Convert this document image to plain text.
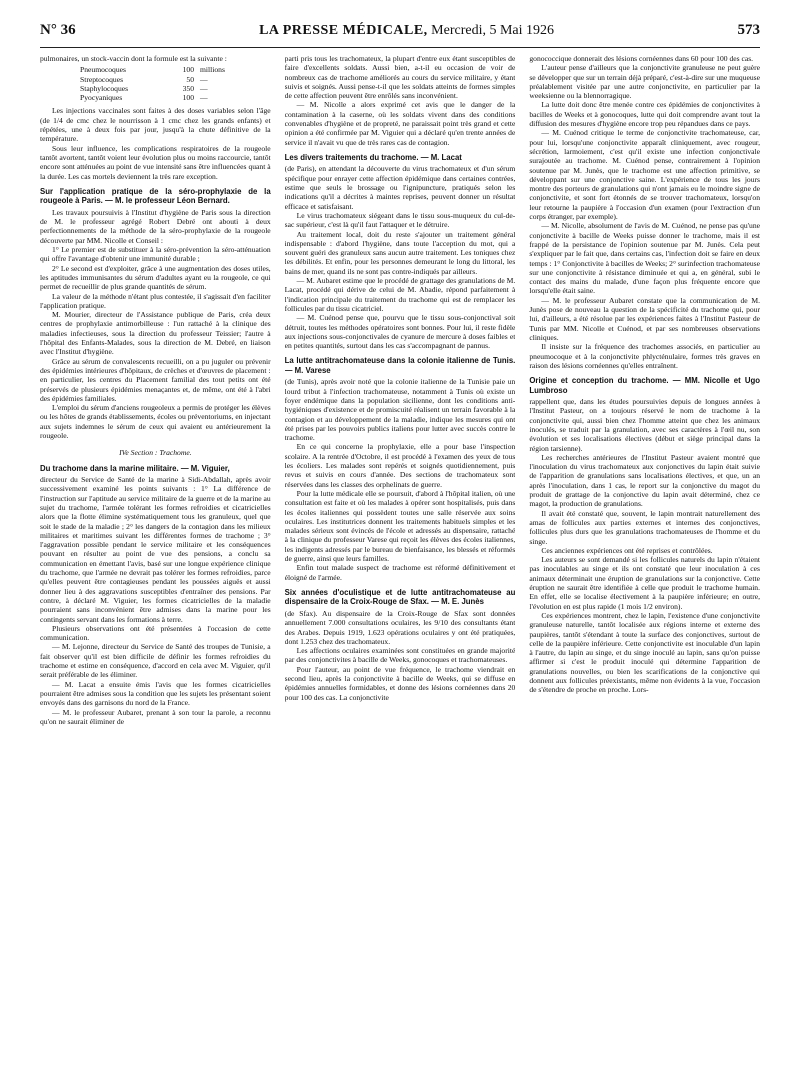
N° 36	LA PRESSE MÉDICALE, Mercredi, 5 Mai 1926	573

pulmonaires, un stock-vaccin dont la formule est la suivante :

Pneumocoques	100 millions
Streptocoques	50 —
Staphylocoques	350 —
Pyocyaniques	100 —

Les injections vaccinales sont faites à des doses variables selon l'âge (de 1/4 de cmc chez le nourrisson à 1 cmc chez les grands enfants) et répétées, une à deux fois par jour, jusqu'à la chute définitive de la température.

Sous leur influence, les complications respiratoires de la rougeole tantôt avortent, tantôt voient leur évolution plus ou moins raccourcie, tantôt encore sont atténuées au point de vue intensité sans être influencées quant à la durée. Les cas mortels deviennent la très rare exception.

Sur l'application pratique de la séro-prophylaxie de la rougeole à Paris. — M. le professeur Léon Bernard.

Les travaux poursuivis à l'Institut d'hygiène de Paris sous la direction de M. le professeur agrégé Robert Debré ont abouti à deux perfectionnements de la méthode de la séro-prophylaxie de la rougeole découverte par MM. Nicolle et Conseil :

1° Le premier est de substituer à la séro-prévention la séro-atténuation qui offre l'avantage d'obtenir une immunité durable ;

2° Le second est d'exploiter, grâce à une augmentation des doses utiles, les aptitudes immunisantes du sérum d'adultes ayant eu la rougeole, ce qui permet de recueillir de plus grande quantités de sérum.

La valeur de la méthode n'étant plus contestée, il s'agissait d'en faciliter l'application pratique.

M. Mourier, directeur de l'Assistance publique de Paris, créa deux centres de prophylaxie antimorbilleuse : l'un rattaché à la clinique des maladies infectieuses, sous la direction du professeur Teissier; l'autre à l'hôpital des Enfants-Malades, sous la direction de M. Debré, en liaison avec l'Institut d'hygiène.

Grâce au sérum de convalescents recueilli, on a pu juguler ou prévenir des épidémies intérieures d'hôpitaux, de crèches et d'œuvres de placement : en particulier, les centres du Placement familial des tout petits ont été préservés de plusieurs épidémies menaçantes et, de même, ont été à l'abri des épidémies familiales.

L'emploi du sérum d'anciens rougeoleux a permis de protéger les élèves ou les hôtes de grands établissements, écoles ou préventoriums, en injectant aux sujets indemnes le sérum de ceux qui avaient eu antérieurement la rougeole.

IVe Section : Trachome.
Du trachome dans la marine militaire. — M. Viguier,

directeur du Service de Santé de la marine à Sidi-Abdallah, après avoir successivement examiné les points suivants : 1° La différence de l'instruction sur l'aptitude au service militaire de la guerre et de la marine au sujet du trachome, l'armée tolérant les formes refroidies et cicatricielles alors que la flotte élimine systématiquement tous les granuleux, quel que soit le stade de la maladie ; 2° les dangers de la contagion dans les milieux militaires et maritimes suivant les différentes formes de trachome ; 3° l'aggravation possible pendant le service militaire et les conséquences pouvant en résulter au point de vue des pensions, a conclu sa communication en émettant l'avis, basé sur une longue expérience clinique du trachome, que l'armée ne devrait pas tolérer les formes refroidies, parce qu'elles peuvent être contagieuses pendant les poussées aiguës et aussi donner lieu à des aggravations susceptibles d'entraîner des pensions. Par contre, à déclaré M. Viguier, les formes cicatricielles de la maladie pourraient sans inconvénient être admises dans la marine pour les contingents servant dans les formations à terre.

Plusieurs observations ont été présentées à l'occasion de cette communication.

— M. Lejonne, directeur du Service de Santé des troupes de Tunisie, a fait observer qu'il est bien difficile de définir les formes refroidies du trachome et estime en conséquence, d'accord en cela avec M. Viguier, qu'il serait préférable de les éliminer.

— M. Lacat a ensuite émis l'avis que les formes cicatricielles pourraient être admises sous la condition que les sujets les présentant soient envoyés dans des garnisons du nord de la France.

— M. le professeur Aubaret, prenant à son tour la parole, a reconnu qu'on ne saurait éliminer de

parti pris tous les trachomateux, la plupart d'entre eux étant susceptibles de faire d'excellents soldats. Aussi bien, a-t-il eu occasion de voir de nombreux cas de trachome améliorés au cours du service militaire, y étant suivis et soignés. Aussi pense-t-il que les soldats atteints de formes simples de cette affection peuvent être enrôlés sans inconvénient.

— M. Nicolle a alors exprimé cet avis que le danger de la contamination à la caserne, où les soldats vivent dans des conditions convenables d'hygiène et de propreté, ne paraissait point très grand et cette opinion a été confirmée par M. Viguier qui a déclaré qu'en trente années de service il n'avait vu que de très rares cas de contagion.

Les divers traitements du trachome. — M. Lacat

(de Paris), en attendant la découverte du virus trachomateux et d'un sérum spécifique pour enrayer cette affection épidémique dans certaines contrées, estime que seuls le brossage ou l'ignipuncture, pratiqués selon les indications qu'il a décrites à maintes reprises, peuvent donner un résultat efficace et satisfaisant.

Le virus trachomateux siégeant dans le tissu sous-muqueux du cul-de-sac supérieur, c'est là qu'il faut l'attaquer et le détruire.

Au traitement local, doit du reste s'ajouter un traitement général indispensable : d'abord l'hygiène, dans toute l'acception du mot, qui a souvent guéri des granuleux sans aucun autre traitement. Les toniques chez les débilités. Et enfin, pour les personnes demeurant le long du littoral, les bains de mer, quand ils ne sont pas contre-indiqués par ailleurs.

— M. Aubaret estime que le procédé de grattage des granulations de M. Lacat, procédé qui dérive de celui de M. Abadie, répond parfaitement à l'indication principale du traitement du trachome qui est de remplacer les follicules par du tissu cicatriciel.

— M. Cuénod pense que, pourvu que le tissu sous-conjonctival soit détruit, toutes les méthodes opératoires sont bonnes. Pour lui, il reste fidèle aux injections sous-conjonctivales de cyanure de mercure à doses faibles et en petites quantités, surtout dans les cas s'accompagnant de pannus.

La lutte antitrachomateuse dans la colonie italienne de Tunis. — M. Varese

(de Tunis), après avoir noté que la colonie italienne de la Tunisie paie un lourd tribut à l'infection trachomateuse, notamment à Tunis où existe un foyer endémique dans la population sicilienne, dont les conditions anti-hygiéniques d'existence et de promiscuité réalisent un terrain favorable à la contagion et au développement de la maladie, indique les mesures qui ont été prises par les pouvoirs publics italiens pour lutter avec succès contre le trachome.

En ce qui concerne la prophylaxie, elle a pour base l'inspection scolaire. A la rentrée d'Octobre, il est procédé à l'examen des yeux de tous les écoliers. Les malades sont repérés et soignés quotidiennement, puis revus et suivis en cours d'année. Des sections de trachomateux sont réservées dans les classes des orphelinats de guerre.

Pour la lutte médicale elle se poursuit, d'abord à l'hôpital italien, où une consultation est faite et où les malades à opérer sont hospitalisés, puis dans les écoles italiennes qui possèdent toutes une salle réservée aux soins oculaires. Les institutrices donnent les traitements habituels simples et les malades sérieux sont évincés de l'école et adressés au dispensaire, rattaché à la clinique du professeur Varese qui reçoit les élèves des écoles italiennes, les indigents adressés par le bureau de bienfaisance, les blessés et réformés de guerre, ainsi que leurs familles.

Enfin tout malade suspect de trachome est réformé définitivement et éloigné de l'armée.

Six années d'oculistique et de lutte antitrachomateuse au dispensaire de la Croix-Rouge de Sfax. — M. E. Junès

(de Sfax). Au dispensaire de la Croix-Rouge de Sfax sont données annuellement 7.000 consultations oculaires, les 9/10 des consultants étant des Arabes. Depuis 1919, 1.623 opérations oculaires y ont été pratiquées, dont 1.253 chez des trachomateux.

Les affections oculaires examinées sont constituées en grande majorité par des conjonctivites à bacille de Weeks, gonocoques et trachomateuses.

Pour l'auteur, au point de vue fréquence, le trachome viendrait en second lieu, après la conjonctivite à bacille de Weeks, qui se diffuse en épidémies annuelles formidables, et donne des lésions cornéennes dans 20 pour 100 des cas. La conjonctivite

gonococcique donnerait des lésions cornéennes dans 60 pour 100 des cas.

L'auteur pense d'ailleurs que la conjonctivite granuleuse ne peut guère se développer que sur un terrain déjà préparé, c'est-à-dire sur une muqueuse préalablement visitée par une autre conjonctivite, en particulier par la weeksienne ou la blennorragique.

La lutte doit donc être menée contre ces épidémies de conjonctivites à bacilles de Weeks et à gonocoques, lutte qui doit comprendre avant tout la diffusion des mesures d'hygiène encore trop peu répandues dans ce pays.

— M. Cuénod critique le terme de conjonctivite trachomateuse, car, pour lui, lorsqu'une conjonctivite apparaît cliniquement, avec rougeur, sécrétion, larmoiement, c'est qu'il existe une infection conjonctivale surajoutée au trachome. M. Cuénod pense, contrairement à l'opinion soutenue par M. Junès, que le trachome est une affection primitive, se développant sur une conjonctive saine. L'expérience de tous les jours montre des porteurs de granulations qui n'ont jamais eu le moindre signe de conjonctivite, et sont fort étonnés de se trouver trachomateux, lorsqu'on leur retourne la paupière à l'occasion d'un examen (pour l'extraction d'un corps étranger, par exemple).

— M. Nicolle, absolument de l'avis de M. Cuénod, ne pense pas qu'une conjonctivite à bacille de Weeks puisse donner le trachome, mais il est frappé de la persistance de l'opinion soutenue par M. Junès. Cela peut s'expliquer par le fait que, dans certains cas, l'infection doit se faire en deux temps : 1° Conjonctivite à bacilles de Weeks; 2° surinfection trachomateuse sur une conjonctivite à résistance diminuée et qui a, en général, subi le contact des mains du malade, d'une façon plus fréquente encore que lorsqu'elle était saine.

— M. le professeur Aubaret constate que la communication de M. Junès pose de nouveau la question de la spécificité du trachome qui, pour lui, d'ailleurs, a été résolue par les expériences faites à l'Institut Pasteur de Tunis par MM. Nicolle et Cuénod, et par ses nombreuses observations cliniques.

Il insiste sur la fréquence des trachomes associés, en particulier au pneumocoque et à la conjonctivite phlycténulaire, formes très graves en raison des lésions cornéennes qu'elles entraînent.

Origine et conception du trachome. — MM. Nicolle et Ugo Lumbroso

rappellent que, dans les études poursuivies depuis de longues années à l'Institut Pasteur, on a toujours réservé le nom de trachome à la conjonctivite qui, aussi bien chez l'homme atteint que chez les animaux inoculés, se traduit par la granulation, avec ses caractères à l'œil nu, son évolution et ses localisations électives (début et siège principal dans la région tarsienne).

Les recherches antérieures de l'Institut Pasteur avaient montré que l'inoculation du virus trachomateux aux conjonctives du lapin était suivie de l'apparition de granulations sans localisations électives, et que, un an après l'inoculation, dans 1 cas, le report sur la conjonctive du magot du produit de grattage de la conjonctive du lapin avait déterminé, chez ce magot, la production de granulations.

Il avait été constaté que, souvent, le lapin montrait naturellement des amas de follicules aux parties externes et internes des conjonctives, follicules plus durs que les granulations trachomateuses de l'homme et du singe.

Ces anciennes expériences ont été reprises et contrôlées.

Les auteurs se sont demandé si les follicules naturels du lapin n'étaient pas inoculables au singe et ils ont constaté que leur inoculation à ces animaux déterminait une éruption de granulations sur la conjonctive. Cette éruption ne saurait être identifiée à celle que produit le trachome humain. En effet, elle se localise électivement à la paupière inférieure; en outre, l'évolution en est plus rapide (1 mois 1/2 environ).

Ces expériences montrent, chez le lapin, l'existence d'une conjonctivite granuleuse naturelle, tantôt localisée aux régions interne et externe des paupières, tantôt s'étendant à toute la surface des conjonctives, surtout de celle de la paupière inférieure. Cette conjonctivite est inoculable d'un lapin à l'autre, du lapin au singe, et du singe inoculé au lapin, sans qu'on puisse affirmer si c'est le produit inoculé qui détermine l'apparition de granulations nouvelles, ou bien les scarifications de la conjonctive qui donnent aux follicules préexistants, même non évidents à la vue, l'occasion de s'étendre de proche en proche. Lors-
